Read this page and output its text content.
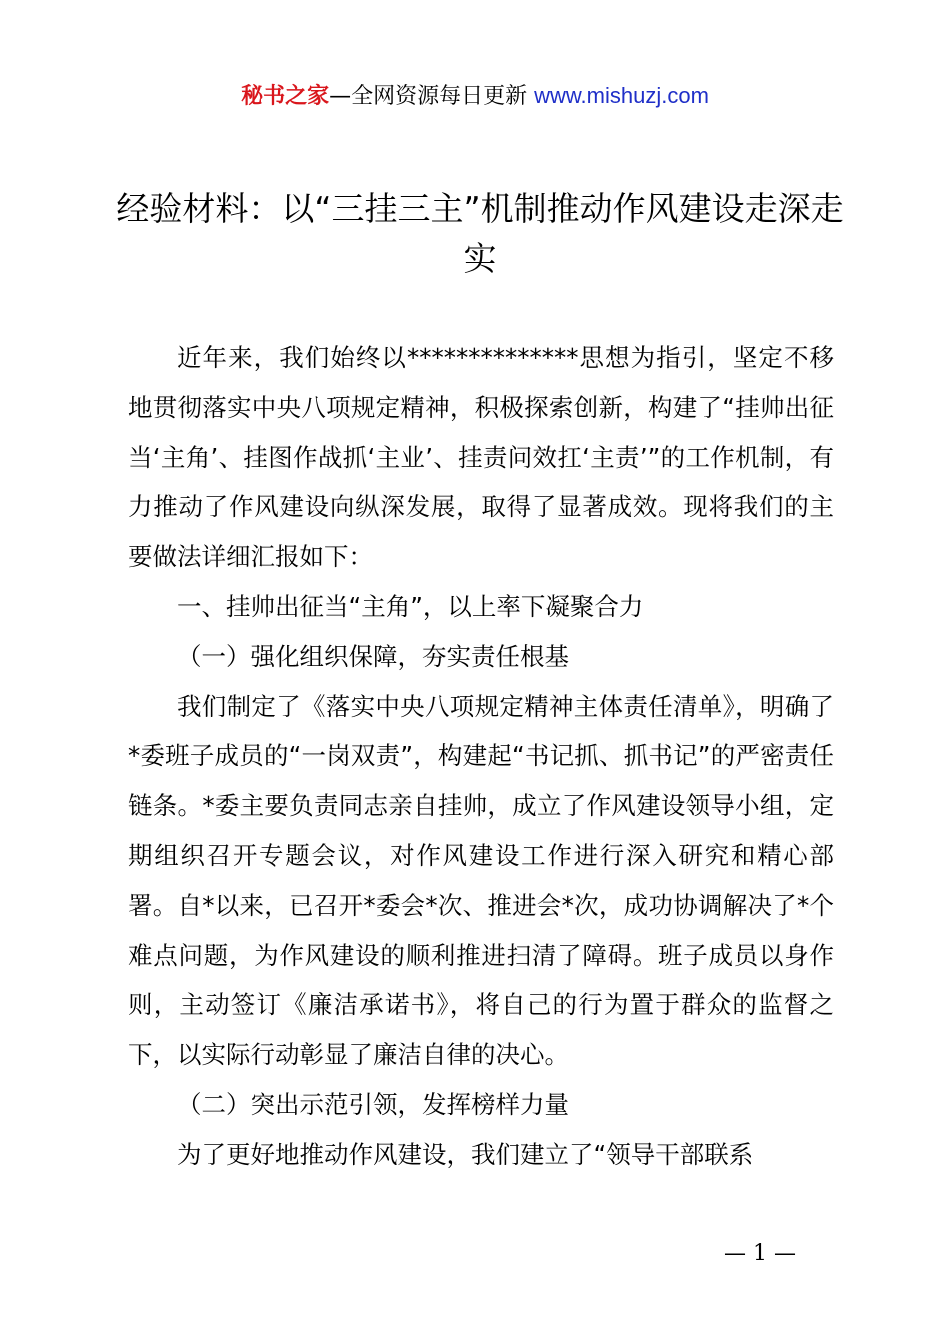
秘书之家—全网资源每日更新 www.mishuzj.com
经验材料：以“三挂三主”机制推动作风建设走深走实

近年来，我们始终以**************思想为指引，坚定不移地贯彻落实中央八项规定精神，积极探索创新，构建了“挂帅出征当‘主角’、挂图作战抓‘主业’、挂责问效扛‘主责’”的工作机制，有力推动了作风建设向纵深发展，取得了显著成效。现将我们的主要做法详细汇报如下：

一、挂帅出征当“主角”，以上率下凝聚合力

（一）强化组织保障，夯实责任根基

我们制定了《落实中央八项规定精神主体责任清单》，明确了*委班子成员的“一岗双责”，构建起“书记抓、抓书记”的严密责任链条。*委主要负责同志亲自挂帅，成立了作风建设领导小组，定期组织召开专题会议，对作风建设工作进行深入研究和精心部署。自*以来，已召开*委会*次、推进会*次，成功协调解决了*个难点问题，为作风建设的顺利推进扫清了障碍。班子成员以身作则，主动签订《廉洁承诺书》，将自己的行为置于群众的监督之下，以实际行动彰显了廉洁自律的决心。

（二）突出示范引领，发挥榜样力量

为了更好地推动作风建设，我们建立了“领导干部联系

— 1 —
